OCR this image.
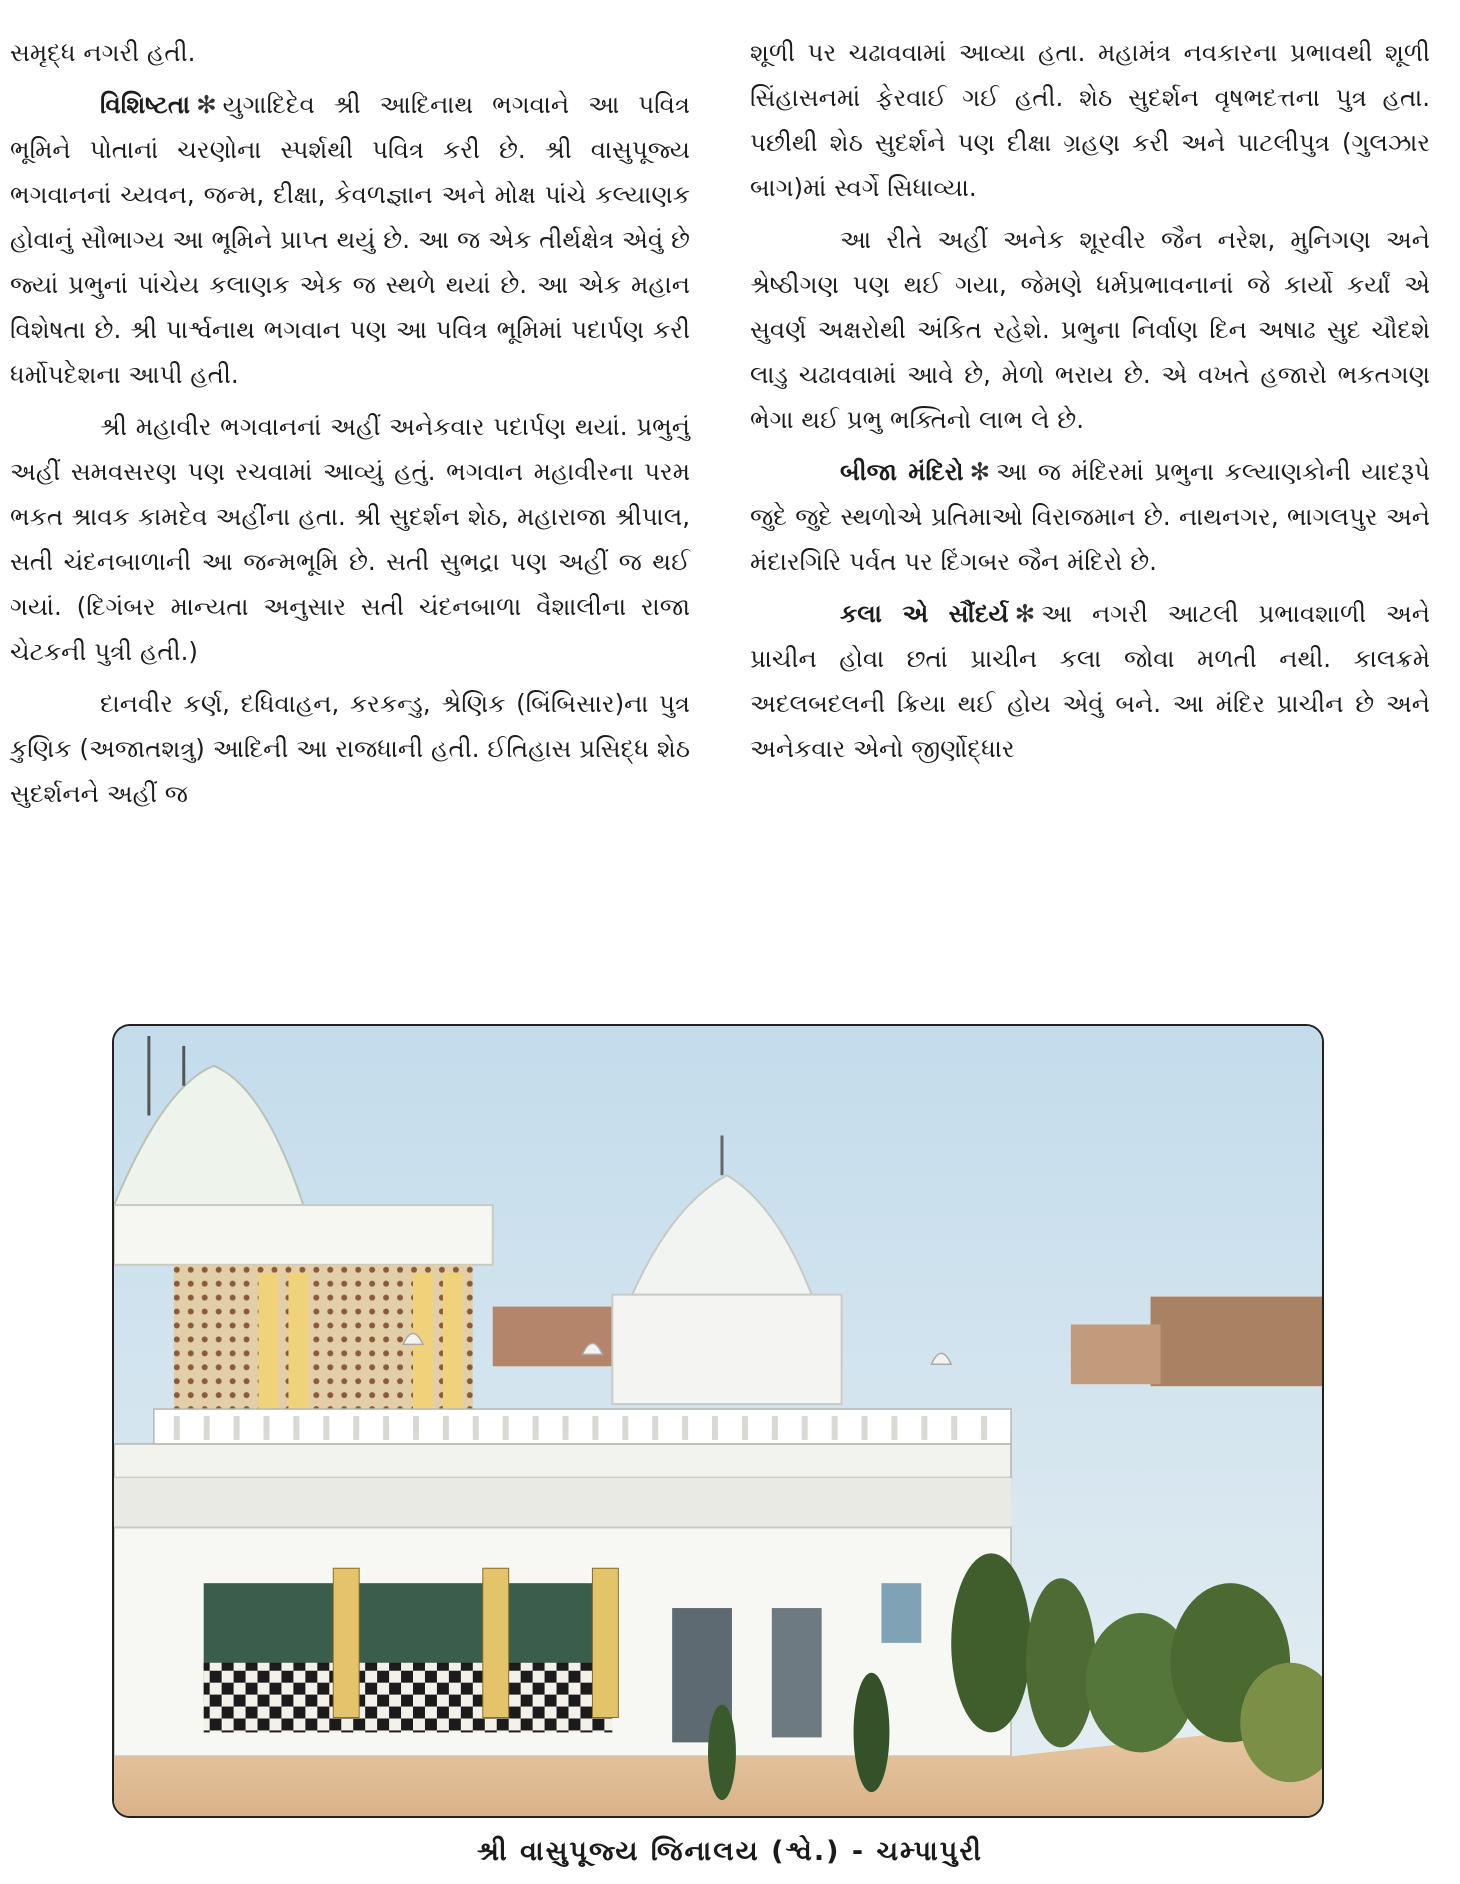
સમૃદ્ધ નગરી હતી.

વિશિષ્ટતા ✻ યુગાદિદેવ શ્રી આદિનાથ ભગવાને આ પવિત્ર ભૂમિને પોતાનાં ચરણોના સ્પર્શથી પવિત્ર કરી છે. શ્રી વાસુપૂજ્ય ભગવાનનાં ચ્યવન, જન્મ, દીક્ષા, કેવળજ્ઞાન અને મોક્ષ પાંચે કલ્યાણક હોવાનું સૌભાગ્ય આ ભૂમિને પ્રાપ્ત થયું છે. આ જ એક તીર્થક્ષેત્ર એવું છે જ્યાં પ્રભુનાં પાંચેય કલાણક એક જ સ્થળે થયાં છે. આ એક મહાન વિશેષતા છે. શ્રી પાર્શ્વનાથ ભગવાન પણ આ પવિત્ર ભૂમિમાં પદાર્પણ કરી ધર્મોપદેશના આપી હતી.

શ્રી મહાવીર ભગવાનનાં અહીં અનેકવાર પદાર્પણ થયાં. પ્રભુનું અહીં સમવસરણ પણ રચવામાં આવ્યું હતું. ભગવાન મહાવીરના પરમ ભકત શ્રાવક કામદેવ અહીંના હતા. શ્રી સુદર્શન શેઠ, મહારાજા શ્રીપાલ, સતી ચંદનબાળાની આ જન્મભૂમિ છે. સતી સુભદ્રા પણ અહીં જ થઈ ગયાં. (દિગંબર માન્યતા અનુસાર સતી ચંદનબાળા વૈશાલીના રાજા ચેટકની પુત્રી હતી.)

દાનવીર કર્ણ, દધિવાહન, કરકન્ડુ, શ્રેણિક (બિંબિસાર)ના પુત્ર કુણિક (અજાતશત્રુ) આદિની આ રાજધાની હતી. ઈતિહાસ પ્રસિદ્ધ શેઠ સુદર્શનને અહીં જ

શૂળી પર ચઢાવવામાં આવ્યા હતા. મહામંત્ર નવકારના પ્રભાવથી શૂળી સિંહાસનમાં ફેરવાઈ ગઈ હતી. શેઠ સુદર્શન વૃષભદત્તના પુત્ર હતા. પછીથી શેઠ સુદર્શને પણ દીક્ષા ગ્રહણ કરી અને પાટલીપુત્ર (ગુલઝાર બાગ)માં સ્વર્ગે સિધાવ્યા.

આ રીતે અહીં અનેક શૂરવીર જૈન નરેશ, મુનિગણ અને શ્રેષ્ઠીગણ પણ થઈ ગયા, જેમણે ધર્મપ્રભાવનાનાં જે કાર્યો કર્યાં એ સુવર્ણ અક્ષરોથી અંકિત રહેશે. પ્રભુના નિર્વાણ દિન અષાઢ સુદ ચૌદશે લાડુ ચઢાવવામાં આવે છે, મેળો ભરાય છે. એ વખતે હજારો ભકતગણ ભેગા થઈ પ્રભુ ભક્તિનો લાભ લે છે.

બીજા મંદિરો ✻ આ જ મંદિરમાં પ્રભુના કલ્યાણકોની યાદરૂપે જુદે જુદે સ્થળોએ પ્રતિમાઓ વિરાજમાન છે. નાથનગર, ભાગલપુર અને મંદારગિરિ પર્વત પર દિંગબર જૈન મંદિરો છે.

કલા એ સૌંદર્ય ✻ આ નગરી આટલી પ્રભાવશાળી અને પ્રાચીન હોવા છતાં પ્રાચીન કલા જોવા મળતી નથી. કાલક્રમે અદલબદલની ક્રિયા થઈ હોય એવું બને. આ મંદિર પ્રાચીન છે અને અનેકવાર એનો જીર્ણોદ્ધાર

શ્રી વાસુપૂજ્ય જિનાલય (શ્વે.) - ચમ્પાપુરી
